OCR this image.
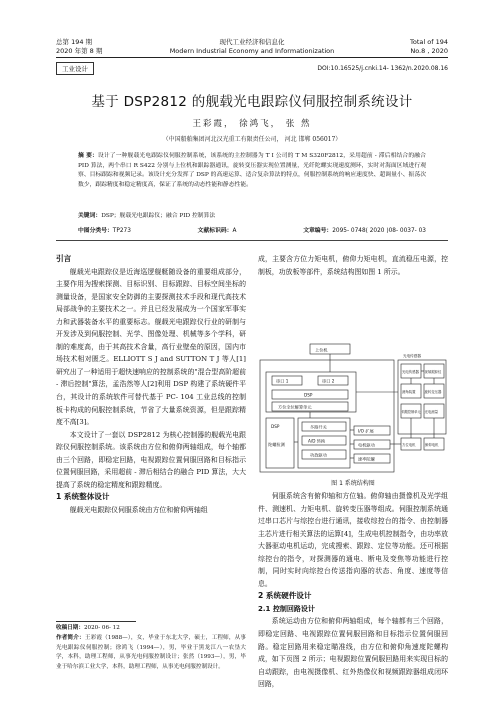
总第 194 期
2020 年第 8 期
现代工业经济和信息化
Modern Industrial Economy and Informationization
Total of 194
No.8 , 2020
工业设计	DOI:10.16525/j.cnki.14- 1362/n.2020.08.16
基于 DSP2812 的舰载光电跟踪仪伺服控制系统设计
王彩霞， 徐鸿飞， 张 然
（中国船舶集团河北汉光重工有限责任公司， 河北 邯郸 056017）
摘 要：设计了一种舰载光电跟踪仪伺服控制系统，该系统的主控制器为 T I 公司的 T M S320F2812，采用超前 - 滞后相结合的融合 PID 算法，两个串口 R S422 分别与上位机和跟踪器通讯，旋转变压器实现位置测量，光纤陀螺实现速度测环，实时对海面区域进行观察、目标跟踪和视频记录。该设计充分发挥了 DSP 的高速运算、适合复杂算法的特点，伺服控制系统的响应速度快、超调量小、振荡次数少，跟踪精度和稳定精度高，保证了系统的动态性能和静态性能。
关键词：DSP；舰载光电跟踪仪；融合 PID 控制算法
中图分类号：TP273	文献标识码：A	文章编号：2095- 0748( 2020 )08- 0037- 03
引言

舰载光电跟踪仪是近海巡逻舰艇随设备的重要组成部分，主要作用为搜索探测、目标识别、目标跟踪、目标空间坐标的测量设备，是国家安全防御的主要探测技术手段和现代高技术局部战争的主要技术之一。并且已经发展成为一个国家军事实力和武器装备水平的重要标志。舰载光电跟踪仪行业的研制与开发涉及到伺服控制、光学、图像处理、机械等多个学科，研制的难度高，由于其高技术含量，高行业壁垒的原因，国内市场技术相对匮乏。ELLIOTT S J and SUTTON T J 等人[1]研究出了一种适用于超快速响应的控制系统的"混合型高阶超前 - 滞后控制"算法，孟浩然等人[2]利用 DSP 构建了系统硬件平台，其设计的系统软件可替代基于 PC- 104 工业总线的控制板卡构成的伺服控制系统，节省了大量系统资源，但是跟踪精度不高[3]。

本文设计了一套以 DSP2812 为核心控制器的舰载光电跟踪仪伺服控制系统。该系统由方位和俯仰两轴组成，每个轴都由三个回路，即稳定回路，电视跟踪位置伺服回路和目标指示位置伺服回路，采用超前 - 滞后相结合的融合 PID 算法，大大提高了系统的稳定精度和跟踪精度。

1 系统整体设计

舰载光电跟踪仪伺服系统由方位和俯仰两轴组

收稿日期：2020- 06- 12
作者简介：王彩霞（1988—），女，毕业于东北大学，硕士，工程师，从事光电跟踪仪伺服控制；徐鸿飞（1994—），男，毕业于黑龙江八一农垦大学，本科，助理工程师，从事光电伺服控制设计；张然（1993—），男，毕业于哈尔滨工业大学，本科，助理工程师，从事光电伺服控制设计。

成，主要含方位力矩电机，俯仰力矩电机，直流稳压电源，控制板，功放板等部件，系统结构图如图 1 所示。

上位机
串口 1	串口 2
DSP
方位全位解算单元
DSP
陀螺检测
多路开关
A/D 转换
功放驱动
I/O 扩展
电机驱动
速率陀螺
光电传感器 视频跟踪仪
测角装置	旋转变压器
伺服控制单元 光电测量
方位电机	俯仰电机
光电传感器
图 1 系统结构图

伺服系统含有俯仰轴和方位轴。俯仰轴由摄像机及光学组件、测速机、力矩电机、旋转变压器等组成。伺服控制系统通过串口芯片与综控台进行通讯，接收综控台的指令、由控制器主芯片进行相关算法的运算[4]，生成电机控制指令，由功率放大器驱动电机运动，完成搜索、跟踪、定位等功能。还可根据综控台的指令，对探测器的通电、断电及变焦等功能进行控制，同时实时向综控台传送指向器的状态、角度、速度等信息。

2 系统硬件设计
2.1 控制回路设计

系统运动由方位和俯仰两轴组成，每个轴都有三个回路，即稳定回路、电视跟踪位置伺服回路和目标指示位置伺服回路。稳定回路用来稳定瞄准线，由方位和俯仰角速度陀螺构成，如下页图 2 所示；电视跟踪位置伺服回路用来实现目标的自动跟踪，由电视摄像机、红外热像仪和视频跟踪器组成闭环回路，
